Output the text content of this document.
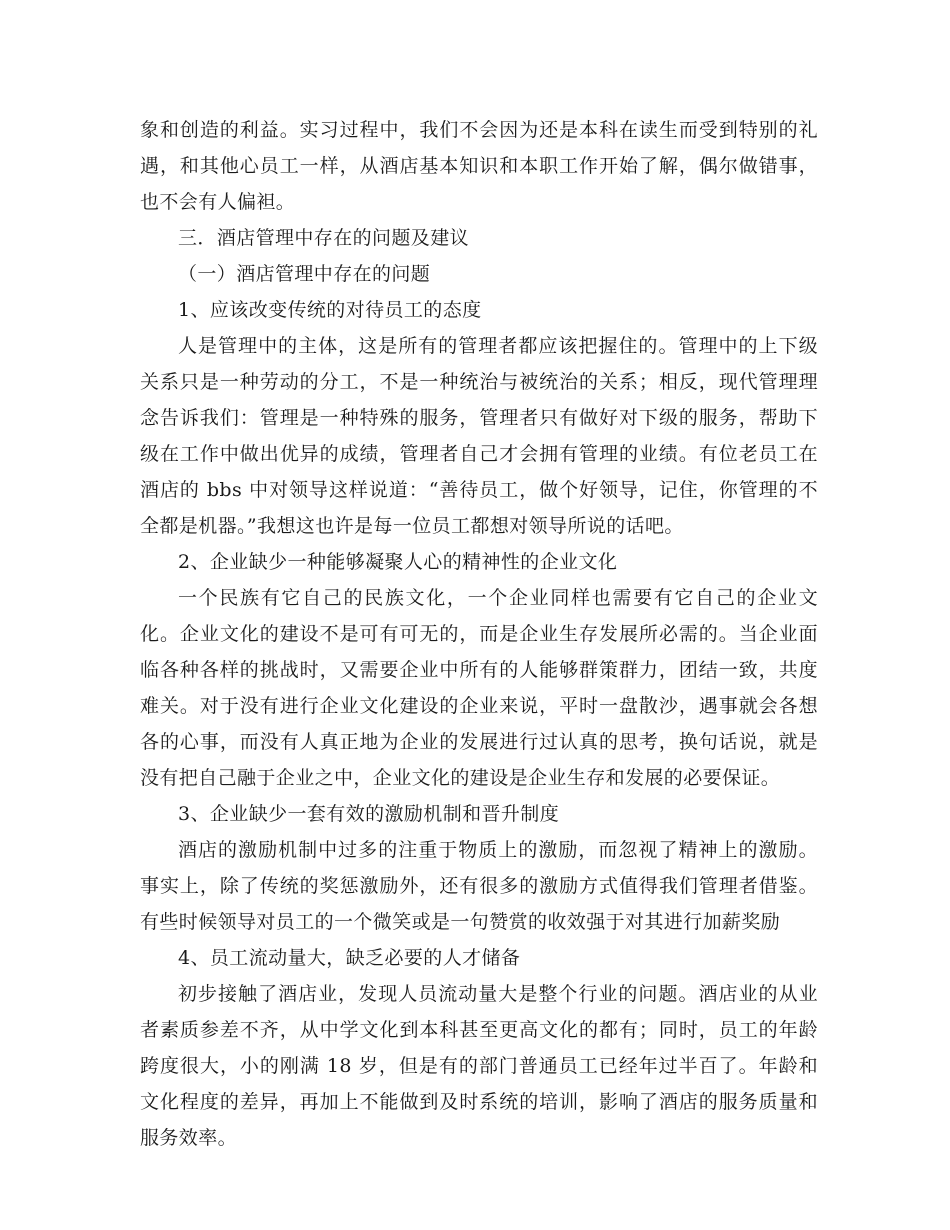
象和创造的利益。实习过程中，我们不会因为还是本科在读生而受到特别的礼遇，和其他心员工一样，从酒店基本知识和本职工作开始了解，偶尔做错事，也不会有人偏袒。

三．酒店管理中存在的问题及建议

（一）酒店管理中存在的问题

1、应该改变传统的对待员工的态度

人是管理中的主体，这是所有的管理者都应该把握住的。管理中的上下级关系只是一种劳动的分工，不是一种统治与被统治的关系；相反，现代管理理念告诉我们：管理是一种特殊的服务，管理者只有做好对下级的服务，帮助下级在工作中做出优异的成绩，管理者自己才会拥有管理的业绩。有位老员工在酒店的 bbs 中对领导这样说道：“善待员工，做个好领导，记住，你管理的不全都是机器。”我想这也许是每一位员工都想对领导所说的话吧。

2、企业缺少一种能够凝聚人心的精神性的企业文化

一个民族有它自己的民族文化，一个企业同样也需要有它自己的企业文化。企业文化的建设不是可有可无的，而是企业生存发展所必需的。当企业面临各种各样的挑战时，又需要企业中所有的人能够群策群力，团结一致，共度难关。对于没有进行企业文化建设的企业来说，平时一盘散沙，遇事就会各想各的心事，而没有人真正地为企业的发展进行过认真的思考，换句话说，就是没有把自己融于企业之中，企业文化的建设是企业生存和发展的必要保证。

3、企业缺少一套有效的激励机制和晋升制度

酒店的激励机制中过多的注重于物质上的激励，而忽视了精神上的激励。事实上，除了传统的奖惩激励外，还有很多的激励方式值得我们管理者借鉴。有些时候领导对员工的一个微笑或是一句赞赏的收效强于对其进行加薪奖励

4、员工流动量大，缺乏必要的人才储备

初步接触了酒店业，发现人员流动量大是整个行业的问题。酒店业的从业者素质参差不齐，从中学文化到本科甚至更高文化的都有；同时，员工的年龄跨度很大，小的刚满 18 岁，但是有的部门普通员工已经年过半百了。年龄和文化程度的差异，再加上不能做到及时系统的培训，影响了酒店的服务质量和服务效率。
